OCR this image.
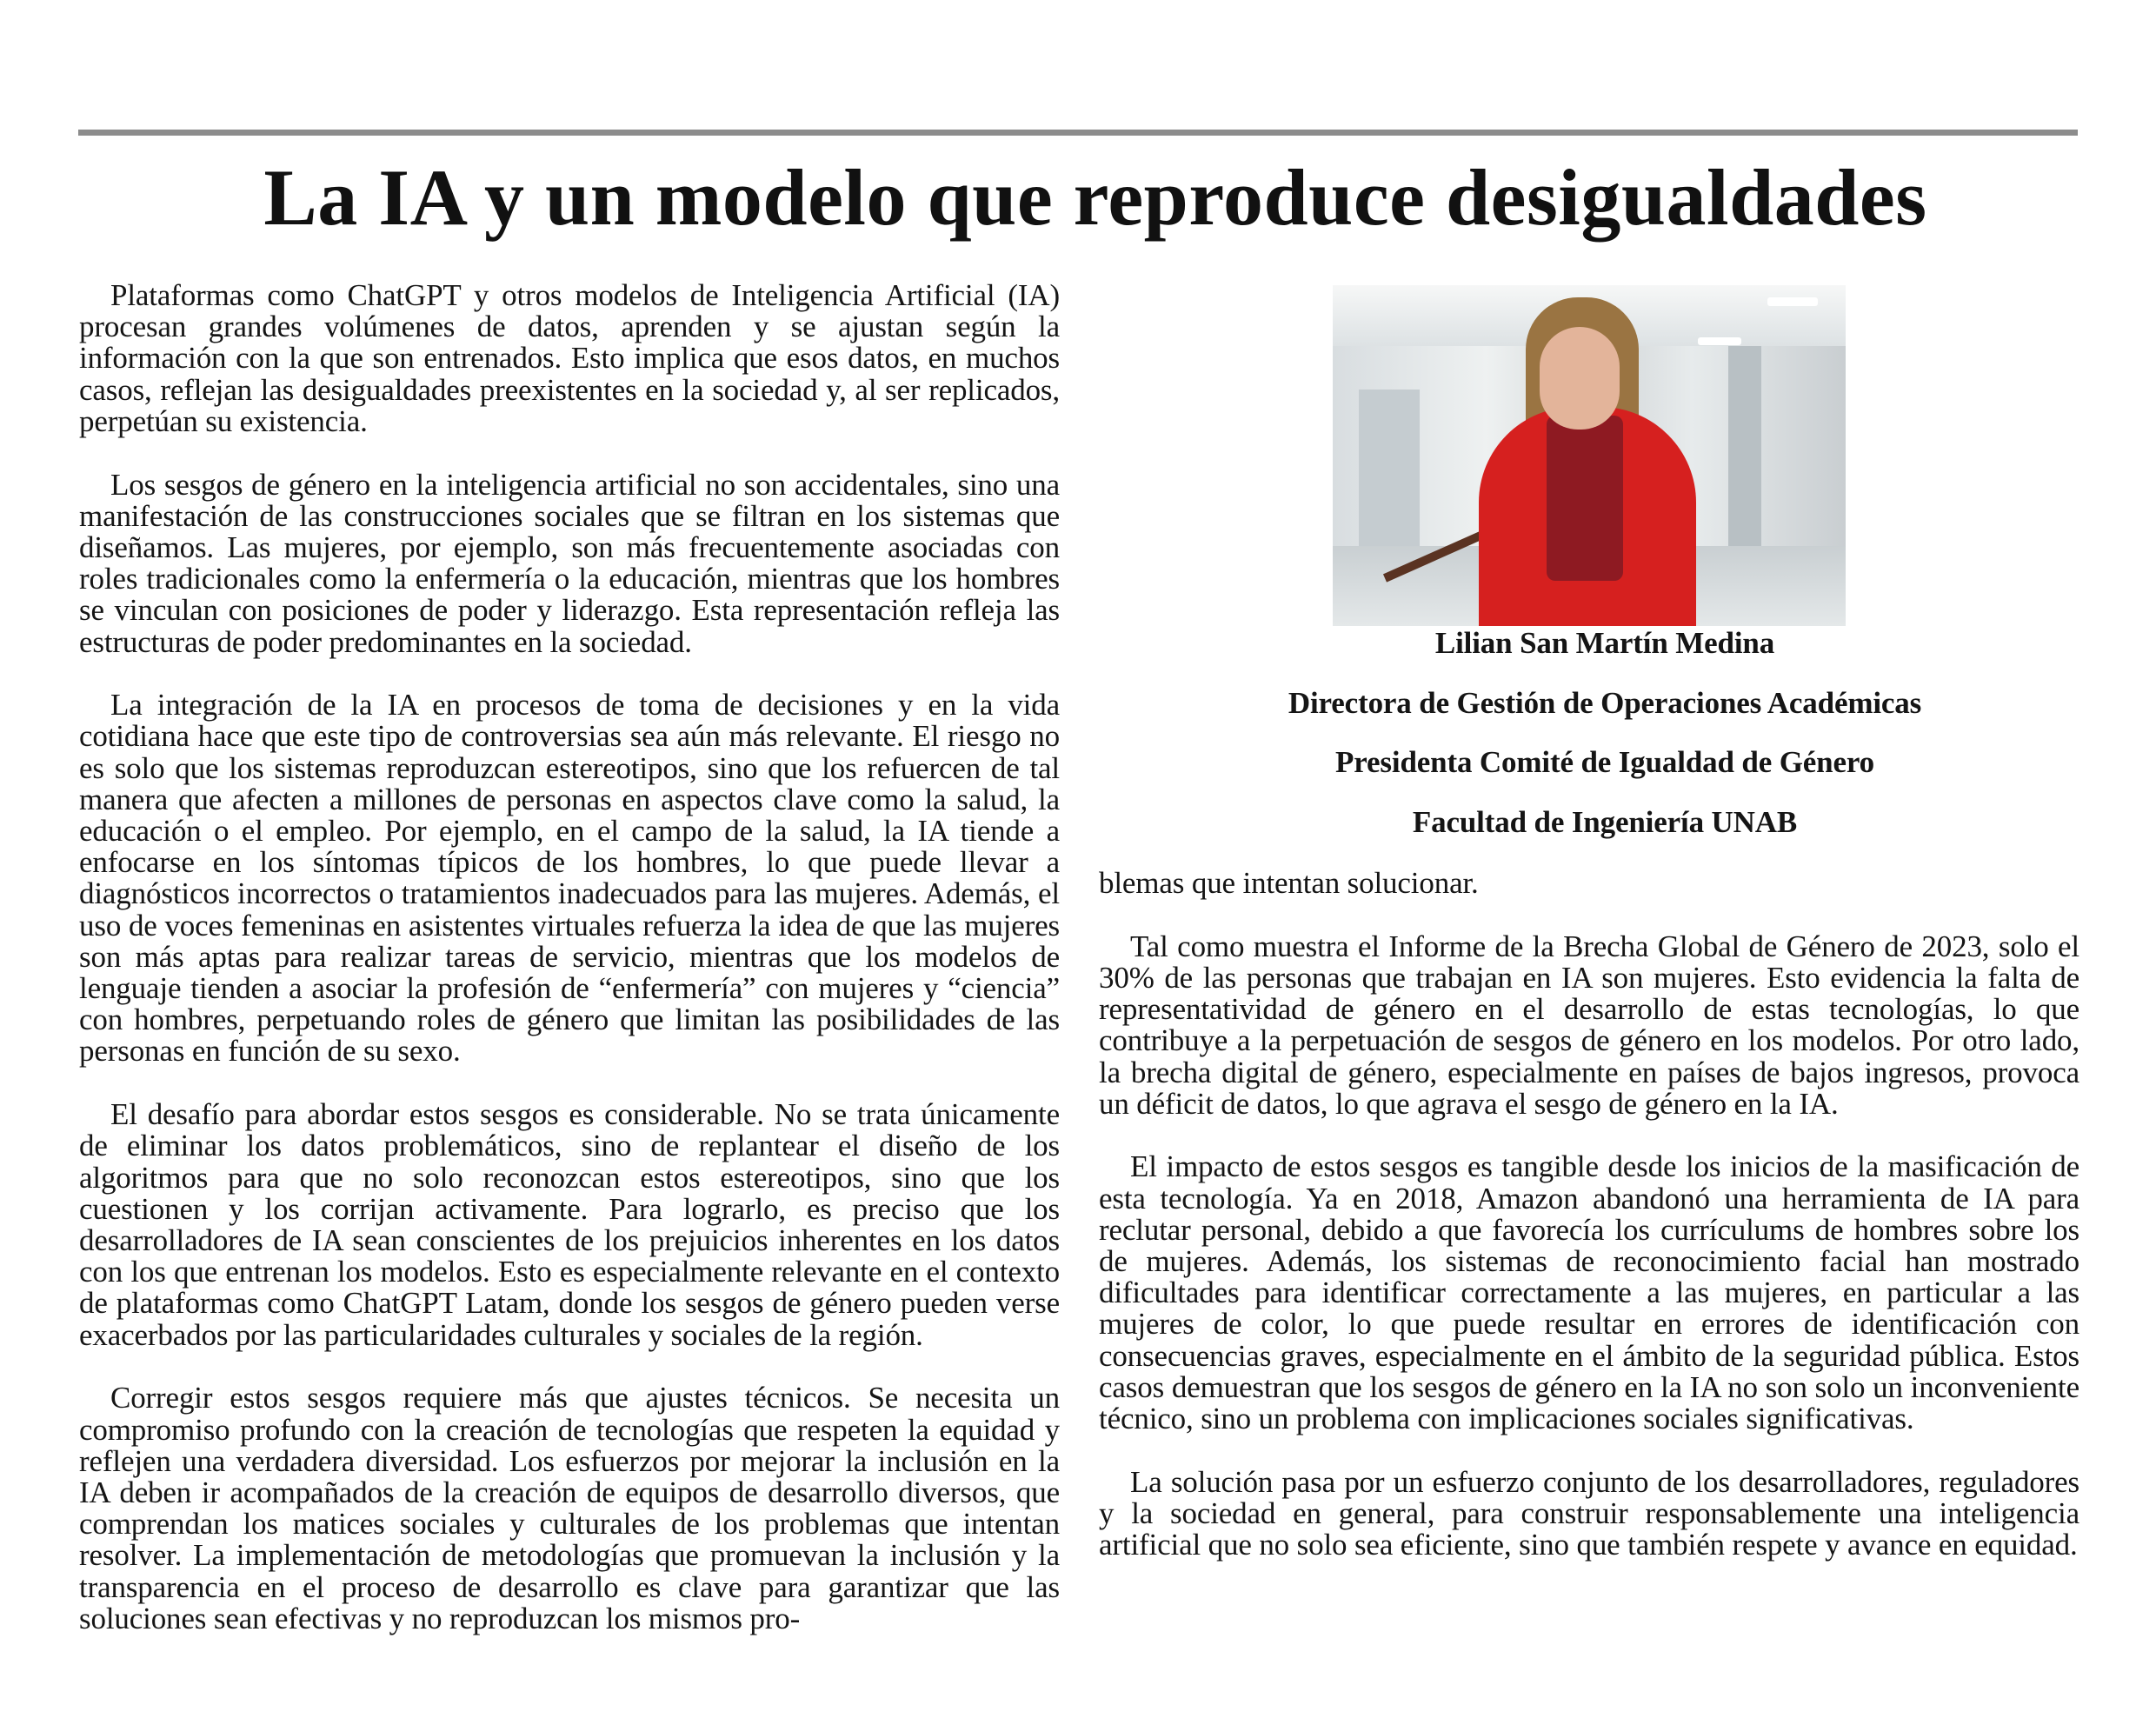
La IA y un modelo que reproduce desigualdades

Plataformas como ChatGPT y otros modelos de Inteligencia Artificial (IA) procesan grandes volúmenes de datos, aprenden y se ajustan según la información con la que son entrenados. Esto implica que esos datos, en muchos casos, reflejan las desigualdades preexistentes en la sociedad y, al ser replicados, perpetúan su existencia.

Los sesgos de género en la inteligencia artificial no son accidentales, sino una manifestación de las construcciones sociales que se filtran en los sistemas que diseñamos. Las mujeres, por ejemplo, son más frecuentemente asociadas con roles tradicionales como la enfermería o la educación, mientras que los hombres se vinculan con posiciones de poder y liderazgo. Esta representación refleja las estructuras de poder predominantes en la sociedad.

La integración de la IA en procesos de toma de decisiones y en la vida cotidiana hace que este tipo de controversias sea aún más relevante. El riesgo no es solo que los sistemas reproduzcan estereotipos, sino que los refuercen de tal manera que afecten a millones de personas en aspectos clave como la salud, la educación o el empleo. Por ejemplo, en el campo de la salud, la IA tiende a enfocarse en los síntomas típicos de los hombres, lo que puede llevar a diagnósticos incorrectos o tratamientos inadecuados para las mujeres. Además, el uso de voces femeninas en asistentes virtuales refuerza la idea de que las mujeres son más aptas para realizar tareas de servicio, mientras que los modelos de lenguaje tienden a asociar la profesión de “enfermería” con mujeres y “ciencia” con hombres, perpetuando roles de género que limitan las posibilidades de las personas en función de su sexo.

El desafío para abordar estos sesgos es considerable. No se trata únicamente de eliminar los datos problemáticos, sino de replantear el diseño de los algoritmos para que no solo reconozcan estos estereotipos, sino que los cuestionen y los corrijan activamente. Para lograrlo, es preciso que los desarrolladores de IA sean conscientes de los prejuicios inherentes en los datos con los que entrenan los modelos. Esto es especialmente relevante en el contexto de plataformas como ChatGPT Latam, donde los sesgos de género pueden verse exacerbados por las particularidades culturales y sociales de la región.

Corregir estos sesgos requiere más que ajustes técnicos. Se necesita un compromiso profundo con la creación de tecnologías que respeten la equidad y reflejen una verdadera diversidad. Los esfuerzos por mejorar la inclusión en la IA deben ir acompañados de la creación de equipos de desarrollo diversos, que comprendan los matices sociales y culturales de los problemas que intentan resolver. La implementación de metodologías que promuevan la inclusión y la transparencia en el proceso de desarrollo es clave para garantizar que las soluciones sean efectivas y no reproduzcan los mismos pro-

Lilian San Martín Medina

Directora de Gestión de Operaciones Académicas

Presidenta Comité de Igualdad de Género

Facultad de Ingeniería UNAB

blemas que intentan solucionar.

Tal como muestra el Informe de la Brecha Global de Género de 2023, solo el 30% de las personas que trabajan en IA son mujeres. Esto evidencia la falta de representatividad de género en el desarrollo de estas tecnologías, lo que contribuye a la perpetuación de sesgos de género en los modelos. Por otro lado, la brecha digital de género, especialmente en países de bajos ingresos, provoca un déficit de datos, lo que agrava el sesgo de género en la IA.

El impacto de estos sesgos es tangible desde los inicios de la masificación de esta tecnología. Ya en 2018, Amazon abandonó una herramienta de IA para reclutar personal, debido a que favorecía los currículums de hombres sobre los de mujeres. Además, los sistemas de reconocimiento facial han mostrado dificultades para identificar correctamente a las mujeres, en particular a las mujeres de color, lo que puede resultar en errores de identificación con consecuencias graves, especialmente en el ámbito de la seguridad pública. Estos casos demuestran que los sesgos de género en la IA no son solo un inconveniente técnico, sino un problema con implicaciones sociales significativas.

La solución pasa por un esfuerzo conjunto de los desarrolladores, reguladores y la sociedad en general, para construir responsablemente una inteligencia artificial que no solo sea eficiente, sino que también respete y avance en equidad.
